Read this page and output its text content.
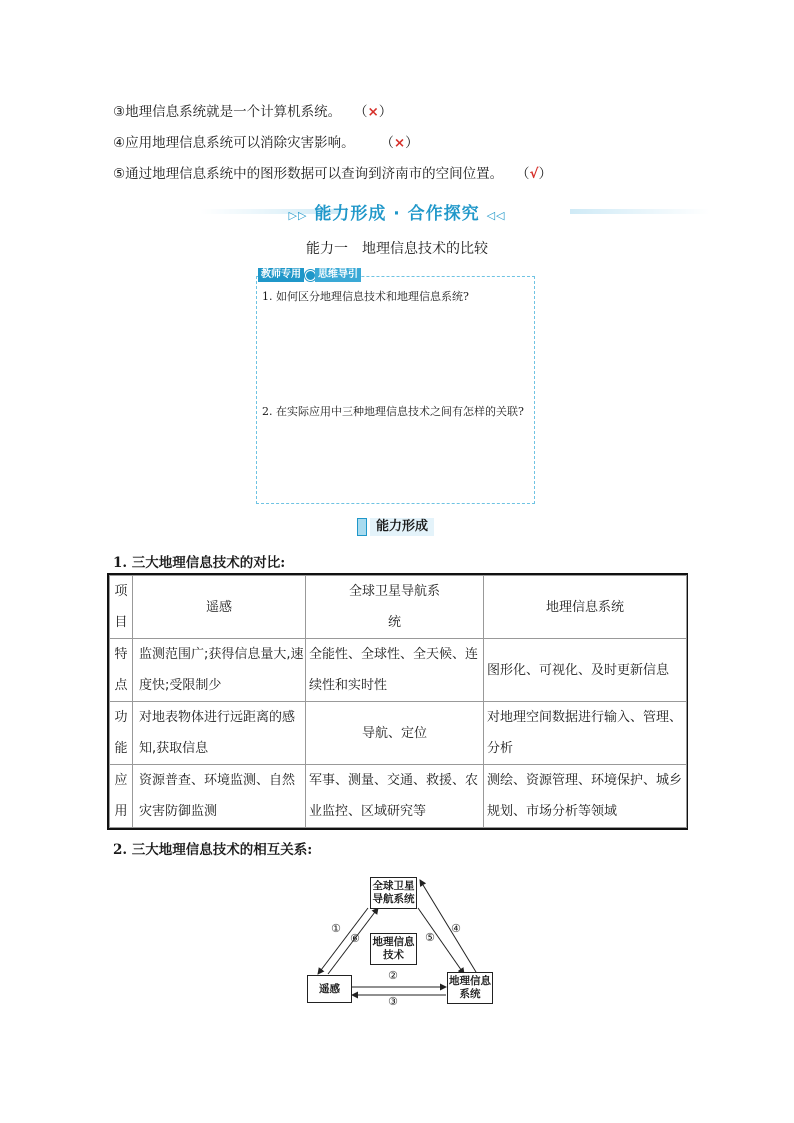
③地理信息系统就是一个计算机系统。 （×）
④应用地理信息系统可以消除灾害影响。 （×）
⑤通过地理信息系统中的图形数据可以查询到济南市的空间位置。 （√）
▷▷ 能力形成 · 合作探究 ◁◁
能力一　地理信息技术的比较
教师专用	思维导引
1. 如何区分地理信息技术和地理信息系统?
2. 在实际应用中三种地理信息技术之间有怎样的关联?
能力形成
1. 三大地理信息技术的对比:
项目	遥感	全球卫星导航系统	地理信息系统
特点	监测范围广;获得信息量大,速度快;受限制少	全能性、全球性、全天候、连续性和实时性	图形化、可视化、及时更新信息
功能	对地表物体进行远距离的感知,获取信息	导航、定位	对地理空间数据进行输入、管理、分析
应用	资源普查、环境监测、自然灾害防御监测	军事、测量、交通、救援、农业监控、区域研究等	测绘、资源管理、环境保护、城乡规划、市场分析等领域
2. 三大地理信息技术的相互关系:
全球卫星导航系统
地理信息技术
遥感
地理信息系统
①
⑥	⑤
④
②
③
